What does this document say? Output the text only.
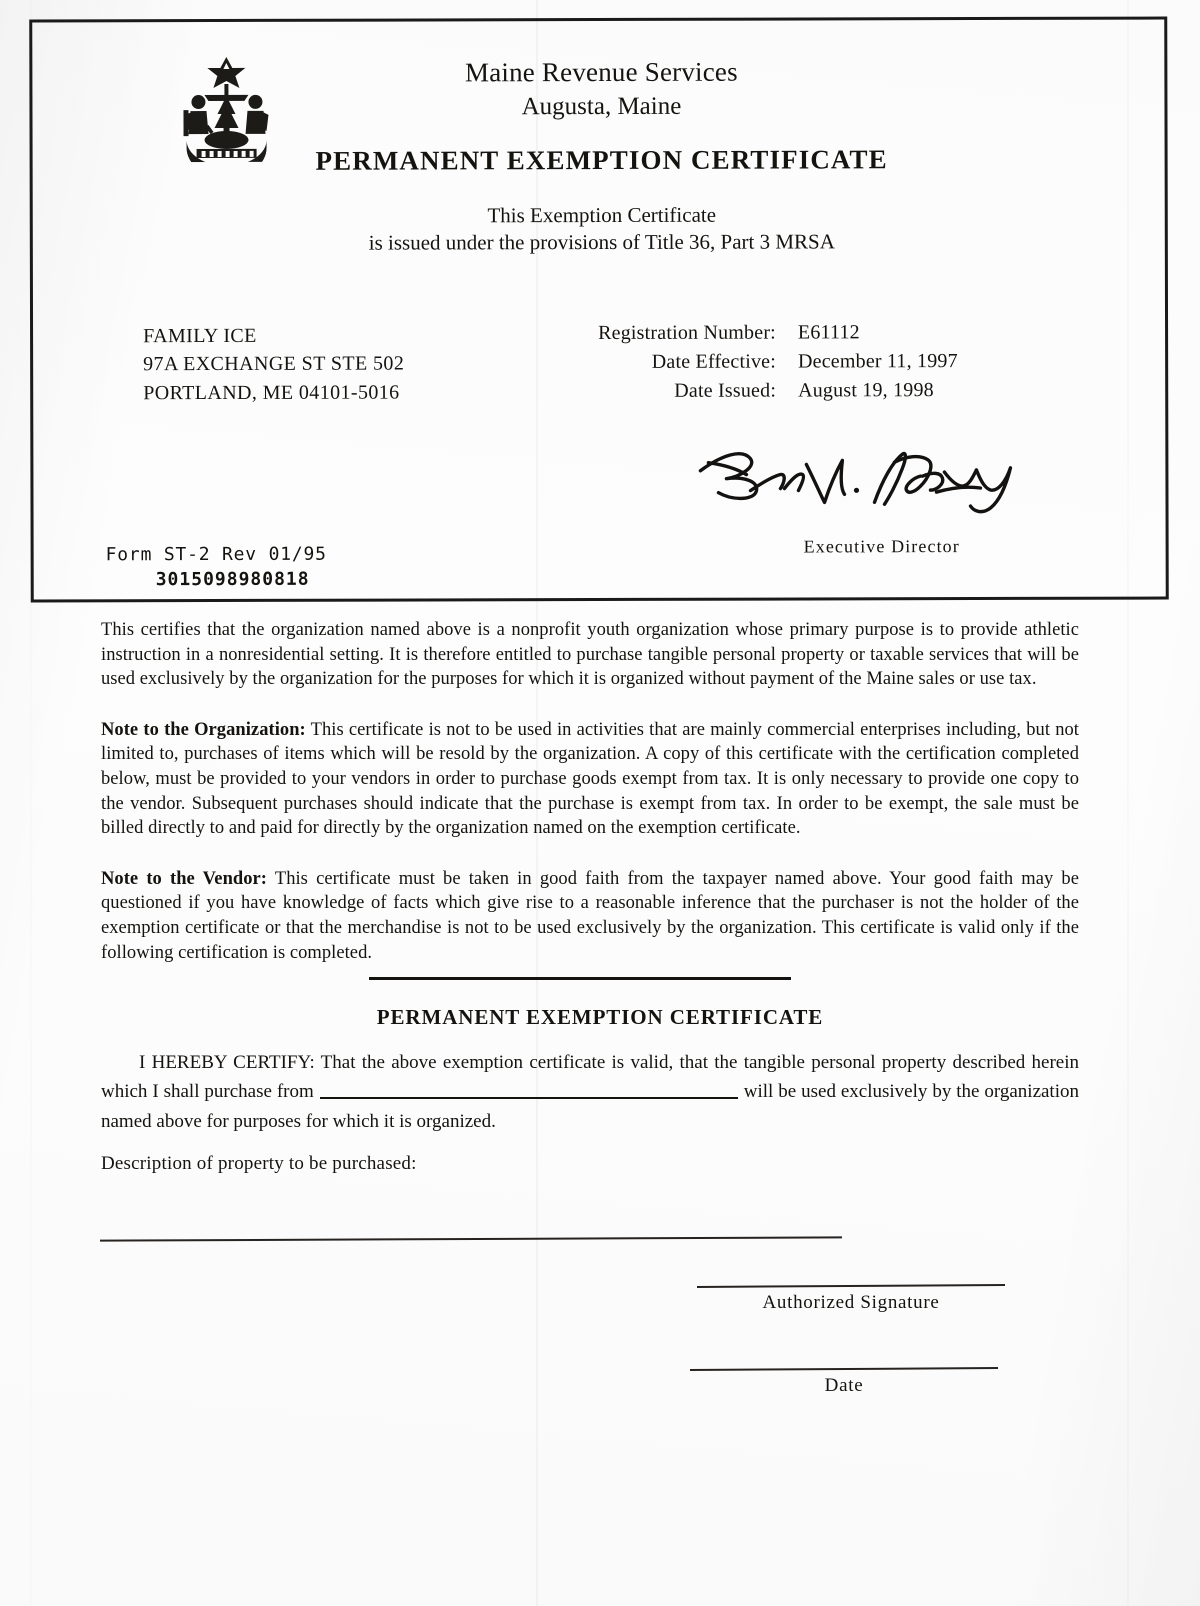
Maine Revenue Services
Augusta, Maine
PERMANENT EXEMPTION CERTIFICATE
This Exemption Certificate
is issued under the provisions of Title 36, Part 3 MRSA
FAMILY ICE
97A EXCHANGE ST STE 502
PORTLAND, ME 04101-5016
Registration Number:	E61112
Date Effective:	December 11, 1997
Date Issued:	August 19, 1998
Executive Director
Form ST-2 Rev 01/95
3015098980818

This certifies that the organization named above is a nonprofit youth organization whose primary purpose is to provide athletic instruction in a nonresidential setting. It is therefore entitled to purchase tangible personal property or taxable services that will be used exclusively by the organization for the purposes for which it is organized without payment of the Maine sales or use tax.

Note to the Organization: This certificate is not to be used in activities that are mainly commercial enterprises including, but not limited to, purchases of items which will be resold by the organization. A copy of this certificate with the certification completed below, must be provided to your vendors in order to purchase goods exempt from tax. It is only necessary to provide one copy to the vendor. Subsequent purchases should indicate that the purchase is exempt from tax. In order to be exempt, the sale must be billed directly to and paid for directly by the organization named on the exemption certificate.

Note to the Vendor: This certificate must be taken in good faith from the taxpayer named above. Your good faith may be questioned if you have knowledge of facts which give rise to a reasonable inference that the purchaser is not the holder of the exemption certificate or that the merchandise is not to be used exclusively by the organization. This certificate is valid only if the following certification is completed.

PERMANENT EXEMPTION CERTIFICATE
I HEREBY CERTIFY: That the above exemption certificate is valid, that the tangible personal property described herein which I shall purchase from	will be used exclusively by the organization named above for purposes for which it is organized.
Description of property to be purchased:
Authorized Signature
Date
